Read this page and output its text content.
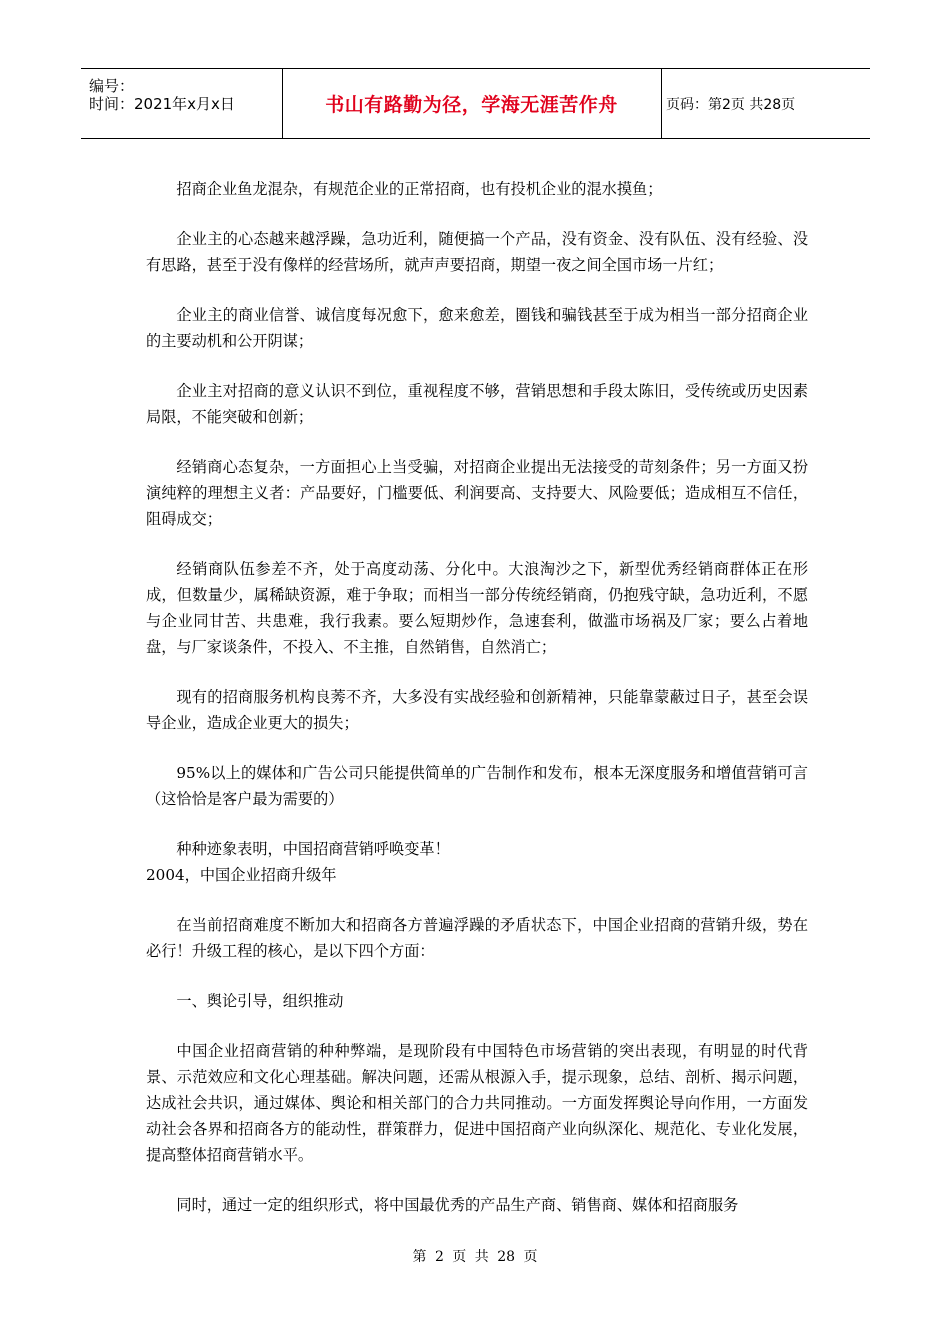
编号：
时间：2021年x月x日	书山有路勤为径，学海无涯苦作舟	页码：第2页 共28页

招商企业鱼龙混杂，有规范企业的正常招商，也有投机企业的混水摸鱼；

企业主的心态越来越浮躁，急功近利，随便搞一个产品，没有资金、没有队伍、没有经验、没有思路，甚至于没有像样的经营场所，就声声要招商，期望一夜之间全国市场一片红；

企业主的商业信誉、诚信度每况愈下，愈来愈差，圈钱和骗钱甚至于成为相当一部分招商企业的主要动机和公开阴谋；

企业主对招商的意义认识不到位，重视程度不够，营销思想和手段太陈旧，受传统或历史因素局限，不能突破和创新；

经销商心态复杂，一方面担心上当受骗，对招商企业提出无法接受的苛刻条件；另一方面又扮演纯粹的理想主义者：产品要好，门槛要低、利润要高、支持要大、风险要低；造成相互不信任，阻碍成交；

经销商队伍参差不齐，处于高度动荡、分化中。大浪淘沙之下，新型优秀经销商群体正在形成，但数量少，属稀缺资源，难于争取；而相当一部分传统经销商，仍抱残守缺，急功近利，不愿与企业同甘苦、共患难，我行我素。要么短期炒作，急速套利，做滥市场祸及厂家；要么占着地盘，与厂家谈条件，不投入、不主推，自然销售，自然消亡；

现有的招商服务机构良莠不齐，大多没有实战经验和创新精神，只能靠蒙蔽过日子，甚至会误导企业，造成企业更大的损失；

95%以上的媒体和广告公司只能提供简单的广告制作和发布，根本无深度服务和增值营销可言（这恰恰是客户最为需要的）

种种迹象表明，中国招商营销呼唤变革！

2004，中国企业招商升级年

在当前招商难度不断加大和招商各方普遍浮躁的矛盾状态下，中国企业招商的营销升级，势在必行！升级工程的核心，是以下四个方面：

一、舆论引导，组织推动

中国企业招商营销的种种弊端，是现阶段有中国特色市场营销的突出表现，有明显的时代背景、示范效应和文化心理基础。解决问题，还需从根源入手，提示现象，总结、剖析、揭示问题，达成社会共识，通过媒体、舆论和相关部门的合力共同推动。一方面发挥舆论导向作用，一方面发动社会各界和招商各方的能动性，群策群力，促进中国招商产业向纵深化、规范化、专业化发展，提高整体招商营销水平。

同时，通过一定的组织形式，将中国最优秀的产品生产商、销售商、媒体和招商服务

第 2 页 共 28 页
